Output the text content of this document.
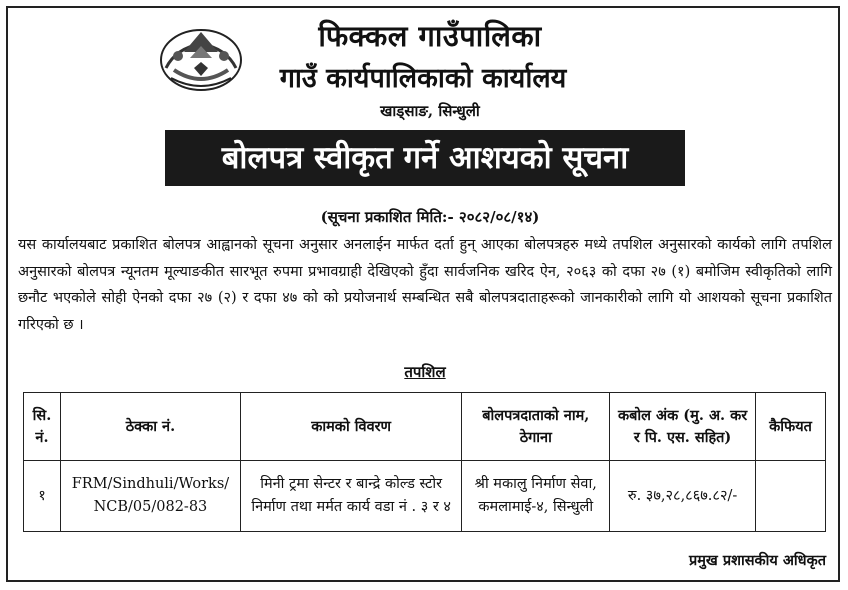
फिक्कल गाउँपालिका
गाउँ कार्यपालिकाको कार्यालय
खाड्साङ, सिन्धुली
बोलपत्र स्वीकृत गर्ने आशयको सूचना
(सूचना प्रकाशित मिति:- २०८२/०८/१४)

यस कार्यालयबाट प्रकाशित बोलपत्र आह्वानको सूचना अनुसार अनलाईन मार्फत दर्ता हुन् आएका बोलपत्रहरु मध्ये तपशिल अनुसारको कार्यको लागि तपशिल अनुसारको बोलपत्र न्यूनतम मूल्याङकीत सारभूत रुपमा प्रभावग्राही देखिएको हुँदा सार्वजनिक खरिद ऐन, २०६३ को दफा २७ (१) बमोजिम स्वीकृतिको लागि छनौट भएकोले सोही ऐनको दफा २७ (२) र दफा ४७ को को प्रयोजनार्थ सम्बन्धित सबै बोलपत्रदाताहरूको जानकारीको लागि यो आशयको सूचना प्रकाशित गरिएको छ ।

तपशिल
सि. नं.	ठेक्का नं.	कामको विवरण	बोलपत्रदाताको नाम, ठेगाना	कबोल अंक (मु. अ. कर र पि. एस. सहित)	कैफियत
१	FRM/Sindhuli/Works/ NCB/05/082-83	मिनी ट्रमा सेन्टर र बान्द्रे कोल्ड स्टोर निर्माण तथा मर्मत कार्य वडा नं . ३ र ४	श्री मकालु निर्माण सेवा, कमलामाई-४, सिन्धुली	रु. ३७,२८,८६७.८२/-	
प्रमुख प्रशासकीय अधिकृत
